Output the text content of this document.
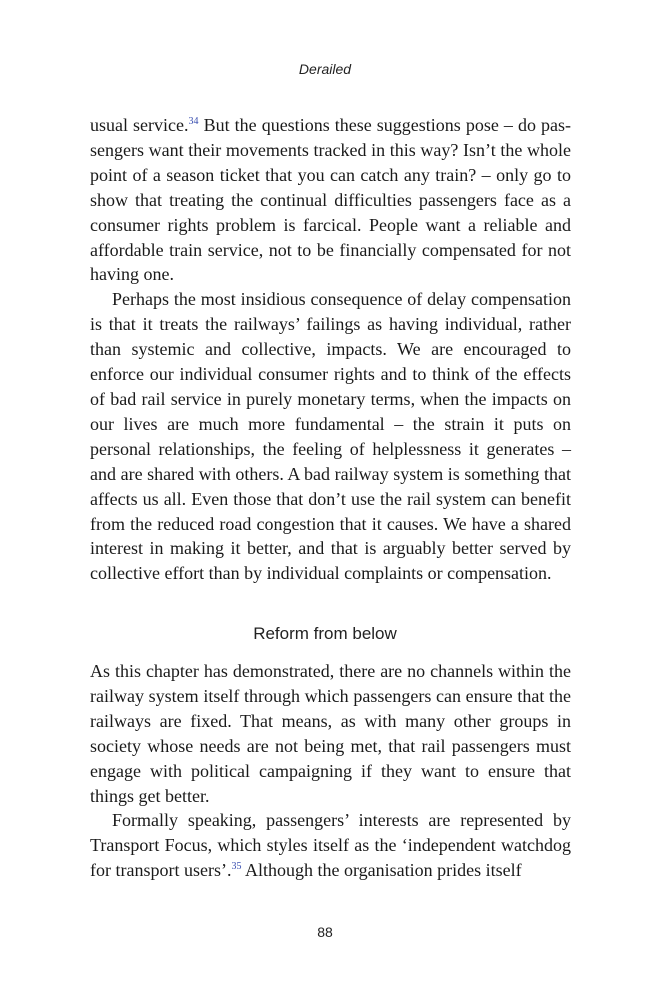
Derailed

usual service.$^{34}$ But the questions these suggestions pose – do passengers want their movements tracked in this way? Isn’t the whole point of a season ticket that you can catch any train? – only go to show that treating the continual difficulties passengers face as a consumer rights problem is farcical. People want a reliable and affordable train service, not to be financially compensated for not having one.

Perhaps the most insidious consequence of delay compensation is that it treats the railways’ failings as having individual, rather than systemic and collective, impacts. We are encouraged to enforce our individual consumer rights and to think of the effects of bad rail service in purely monetary terms, when the impacts on our lives are much more fundamental – the strain it puts on personal relationships, the feeling of helplessness it generates – and are shared with others. A bad railway system is something that affects us all. Even those that don’t use the rail system can benefit from the reduced road congestion that it causes. We have a shared interest in making it better, and that is arguably better served by collective effort than by individual complaints or compensation.

Reform from below

As this chapter has demonstrated, there are no channels within the railway system itself through which passengers can ensure that the railways are fixed. That means, as with many other groups in society whose needs are not being met, that rail passengers must engage with political campaigning if they want to ensure that things get better.

Formally speaking, passengers’ interests are represented by Transport Focus, which styles itself as the ‘independent watchdog for transport users’.$^{35}$ Although the organisation prides itself

88
